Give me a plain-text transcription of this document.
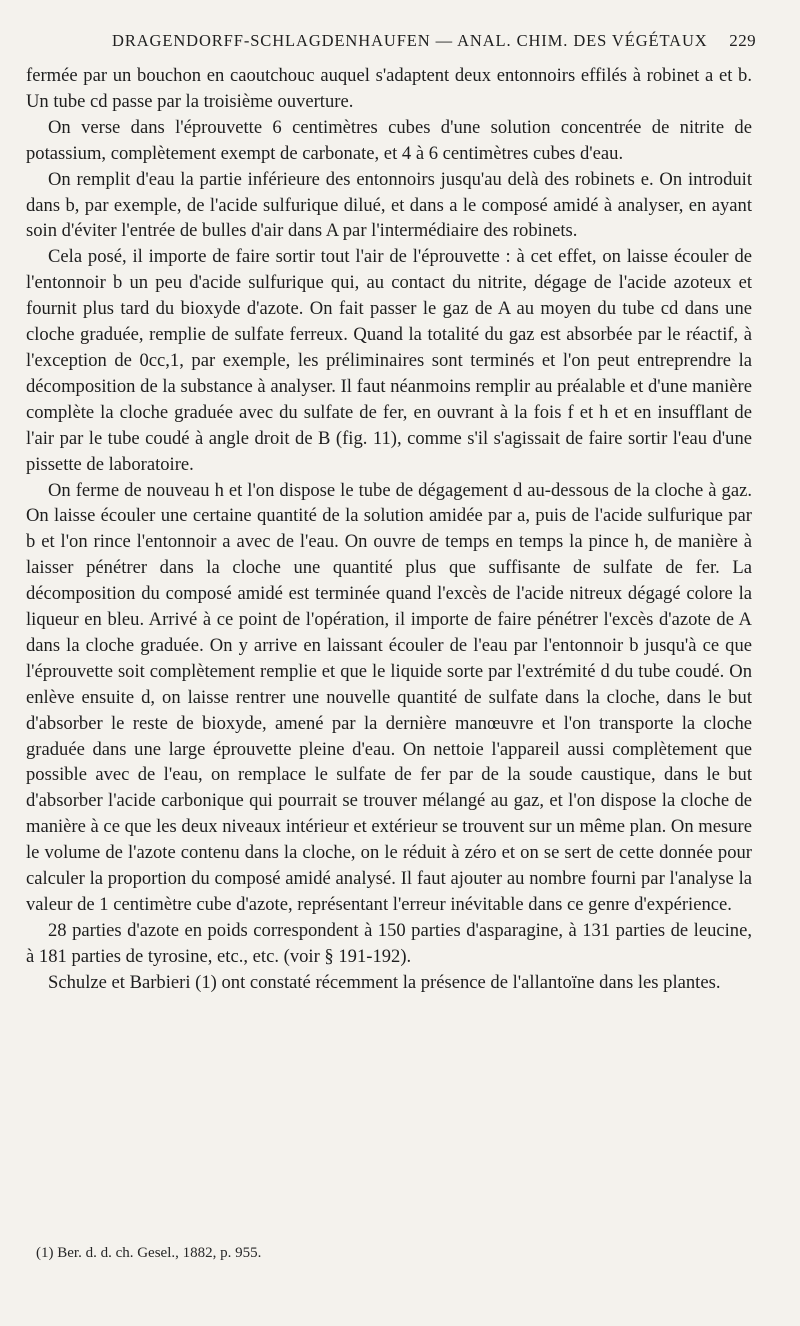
DRAGENDORFF-SCHLAGDENHAUFEN — ANAL. CHIM. DES VÉGÉTAUX 229

fermée par un bouchon en caoutchouc auquel s'adaptent deux entonnoirs effilés à robinet a et b. Un tube cd passe par la troisième ouverture.

On verse dans l'éprouvette 6 centimètres cubes d'une solution concentrée de nitrite de potassium, complètement exempt de carbonate, et 4 à 6 centimètres cubes d'eau.

On remplit d'eau la partie inférieure des entonnoirs jusqu'au delà des robinets e. On introduit dans b, par exemple, de l'acide sulfurique dilué, et dans a le composé amidé à analyser, en ayant soin d'éviter l'entrée de bulles d'air dans A par l'intermédiaire des robinets.

Cela posé, il importe de faire sortir tout l'air de l'éprouvette : à cet effet, on laisse écouler de l'entonnoir b un peu d'acide sulfurique qui, au contact du nitrite, dégage de l'acide azoteux et fournit plus tard du bioxyde d'azote. On fait passer le gaz de A au moyen du tube cd dans une cloche graduée, remplie de sulfate ferreux. Quand la totalité du gaz est absorbée par le réactif, à l'exception de 0cc,1, par exemple, les préliminaires sont terminés et l'on peut entreprendre la décomposition de la substance à analyser. Il faut néanmoins remplir au préalable et d'une manière complète la cloche graduée avec du sulfate de fer, en ouvrant à la fois f et h et en insufflant de l'air par le tube coudé à angle droit de B (fig. 11), comme s'il s'agissait de faire sortir l'eau d'une pissette de laboratoire.

On ferme de nouveau h et l'on dispose le tube de dégagement d au-dessous de la cloche à gaz. On laisse écouler une certaine quantité de la solution amidée par a, puis de l'acide sulfurique par b et l'on rince l'entonnoir a avec de l'eau. On ouvre de temps en temps la pince h, de manière à laisser pénétrer dans la cloche une quantité plus que suffisante de sulfate de fer. La décomposition du composé amidé est terminée quand l'excès de l'acide nitreux dégagé colore la liqueur en bleu. Arrivé à ce point de l'opération, il importe de faire pénétrer l'excès d'azote de A dans la cloche graduée. On y arrive en laissant écouler de l'eau par l'entonnoir b jusqu'à ce que l'éprouvette soit complètement remplie et que le liquide sorte par l'extrémité d du tube coudé. On enlève ensuite d, on laisse rentrer une nouvelle quantité de sulfate dans la cloche, dans le but d'absorber le reste de bioxyde, amené par la dernière manœuvre et l'on transporte la cloche graduée dans une large éprouvette pleine d'eau. On nettoie l'appareil aussi complètement que possible avec de l'eau, on remplace le sulfate de fer par de la soude caustique, dans le but d'absorber l'acide carbonique qui pourrait se trouver mélangé au gaz, et l'on dispose la cloche de manière à ce que les deux niveaux intérieur et extérieur se trouvent sur un même plan. On mesure le volume de l'azote contenu dans la cloche, on le réduit à zéro et on se sert de cette donnée pour calculer la proportion du composé amidé analysé. Il faut ajouter au nombre fourni par l'analyse la valeur de 1 centimètre cube d'azote, représentant l'erreur inévitable dans ce genre d'expérience.

28 parties d'azote en poids correspondent à 150 parties d'asparagine, à 131 parties de leucine, à 181 parties de tyrosine, etc., etc. (voir § 191-192).

Schulze et Barbieri (1) ont constaté récemment la présence de l'allantoïne dans les plantes.

(1) Ber. d. d. ch. Gesel., 1882, p. 955.
